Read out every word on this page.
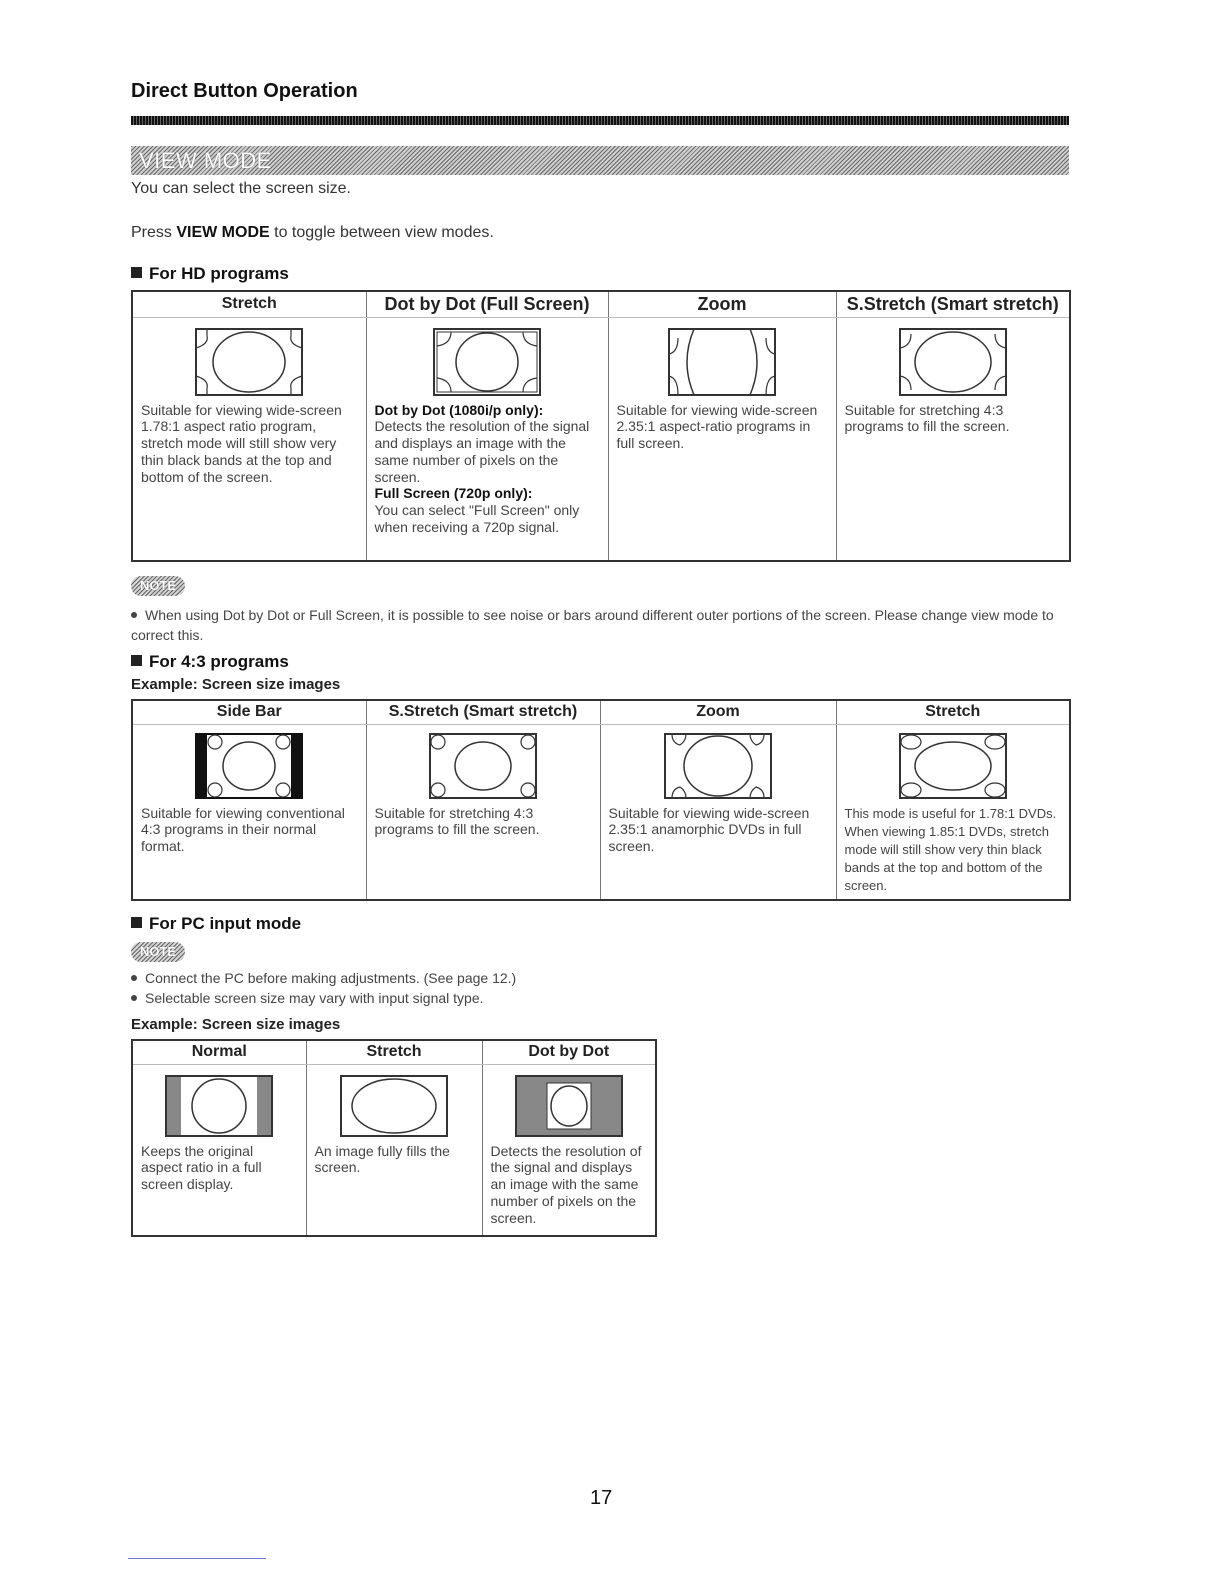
Direct Button Operation
VIEW MODE
You can select the screen size.
Press VIEW MODE to toggle between view modes.
For HD programs
Stretch	Dot by Dot (Full Screen)	Zoom	S.Stretch (Smart stretch)

Suitable for viewing wide-screen 1.78:1 aspect ratio program, stretch mode will still show very thin black bands at the top and bottom of the screen.	Dot by Dot (1080i/p only):
Detects the resolution of the signal and displays an image with the same number of pixels on the screen.
Full Screen (720p only):
You can select "Full Screen" only when receiving a 720p signal.	Suitable for viewing wide-screen 2.35:1 aspect-ratio programs in full screen.	Suitable for stretching 4:3 programs to fill the screen.
NOTE
When using Dot by Dot or Full Screen, it is possible to see noise or bars around different outer portions of the screen. Please change view mode to correct this.
For 4:3 programs
Example: Screen size images
Side Bar	S.Stretch (Smart stretch)	Zoom	Stretch

Suitable for viewing conventional 4:3 programs in their normal format.	Suitable for stretching 4:3 programs to fill the screen.	Suitable for viewing wide-screen 2.35:1 anamorphic DVDs in full screen.	This mode is useful for 1.78:1 DVDs. When viewing 1.85:1 DVDs, stretch mode will still show very thin black bands at the top and bottom of the screen.
For PC input mode
NOTE
Connect the PC before making adjustments. (See page 12.)
Selectable screen size may vary with input signal type.
Example: Screen size images
Normal	Stretch	Dot by Dot

Keeps the original aspect ratio in a full screen display.	An image fully fills the screen.	Detects the resolution of the signal and displays an image with the same number of pixels on the screen.
17
